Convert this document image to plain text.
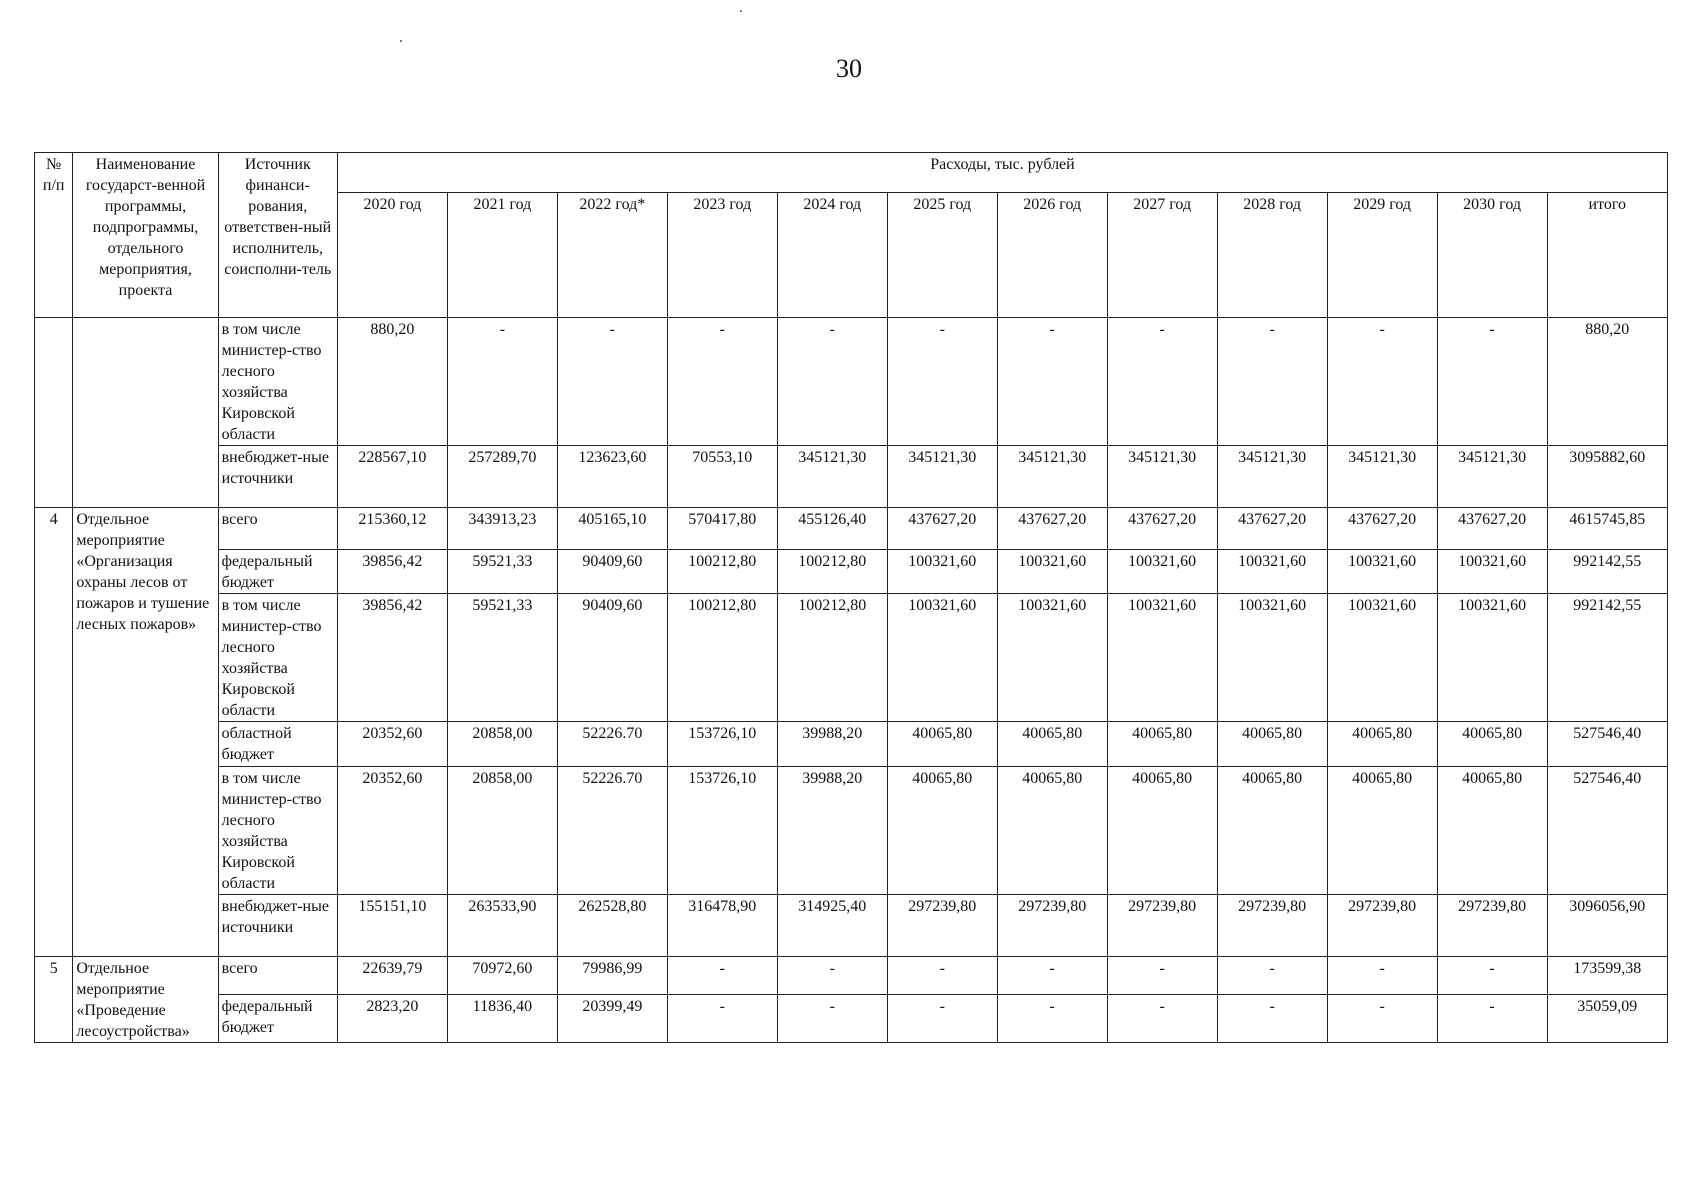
30
№ п/п	Наименование государст-венной программы, подпрограммы, отдельного мероприятия, проекта	Источник финанси-рования, ответствен-ный исполнитель, соисполни-тель	Расходы, тыс. рублей											
			2020 год	2021 год	2022 год*	2023 год	2024 год	2025 год	2026 год	2027 год	2028 год	2029 год	2030 год	итого
		в том числе министер-ство лесного хозяйства Кировской области	880,20	-	-	-	-	-	-	-	-	-	-	880,20
		внебюджет-ные источники	228567,10	257289,70	123623,60	70553,10	345121,30	345121,30	345121,30	345121,30	345121,30	345121,30	345121,30	3095882,60
4	Отдельное мероприятие «Организация охраны лесов от пожаров и тушение лесных пожаров»	всего	215360,12	343913,23	405165,10	570417,80	455126,40	437627,20	437627,20	437627,20	437627,20	437627,20	437627,20	4615745,85
		федеральный бюджет	39856,42	59521,33	90409,60	100212,80	100212,80	100321,60	100321,60	100321,60	100321,60	100321,60	100321,60	992142,55
		в том числе министер-ство лесного хозяйства Кировской области	39856,42	59521,33	90409,60	100212,80	100212,80	100321,60	100321,60	100321,60	100321,60	100321,60	100321,60	992142,55
		областной бюджет	20352,60	20858,00	52226.70	153726,10	39988,20	40065,80	40065,80	40065,80	40065,80	40065,80	40065,80	527546,40
		в том числе министер-ство лесного хозяйства Кировской области	20352,60	20858,00	52226.70	153726,10	39988,20	40065,80	40065,80	40065,80	40065,80	40065,80	40065,80	527546,40
		внебюджет-ные источники	155151,10	263533,90	262528,80	316478,90	314925,40	297239,80	297239,80	297239,80	297239,80	297239,80	297239,80	3096056,90
5	Отдельное мероприятие «Проведение лесоустройства»	всего	22639,79	70972,60	79986,99	-	-	-	-	-	-	-	-	173599,38
		федеральный бюджет	2823,20	11836,40	20399,49	-	-	-	-	-	-	-	-	35059,09
